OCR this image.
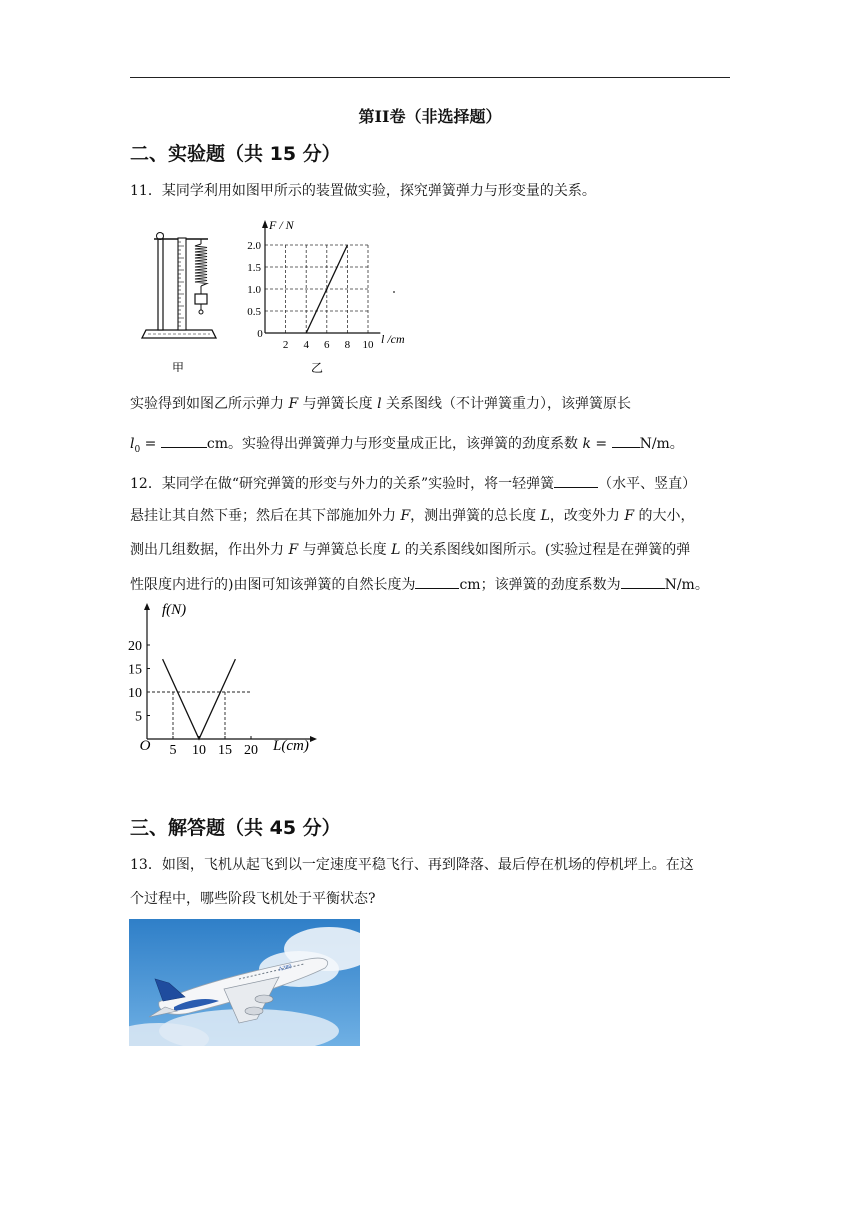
第II卷（非选择题）
二、实验题（共 15 分）
11．某同学利用如图甲所示的装置做实验，探究弹簧弹力与形变量的关系。
甲
0.5
1.0
1.5
2.0
2 4 6 8 10
F / N
l /cm
0
乙
实验得到如图乙所示弹力 F 与弹簧长度 l 关系图线（不计弹簧重力），该弹簧原长
$l_0$ =	cm。实验得出弹簧弹力与形变量成正比，该弹簧的劲度系数 k = N/m。
12．某同学在做“研究弹簧的形变与外力的关系”实验时，将一轻弹簧	（水平、竖直）
悬挂让其自然下垂；然后在其下部施加外力 F，测出弹簧的总长度 L，改变外力 F 的大小，
测出几组数据，作出外力 F 与弹簧总长度 L 的关系图线如图所示。(实验过程是在弹簧的弹
性限度内进行的)由图可知该弹簧的自然长度为	cm；该弹簧的劲度系数为	N/m。
5
10
15
20
5 10 15 20
f(N)
L(cm)
O
三、解答题（共 45 分）
13．如图，飞机从起飞到以一定速度平稳飞行、再到降落、最后停在机场的停机坪上。在这
个过程中，哪些阶段飞机处于平衡状态?
A380
